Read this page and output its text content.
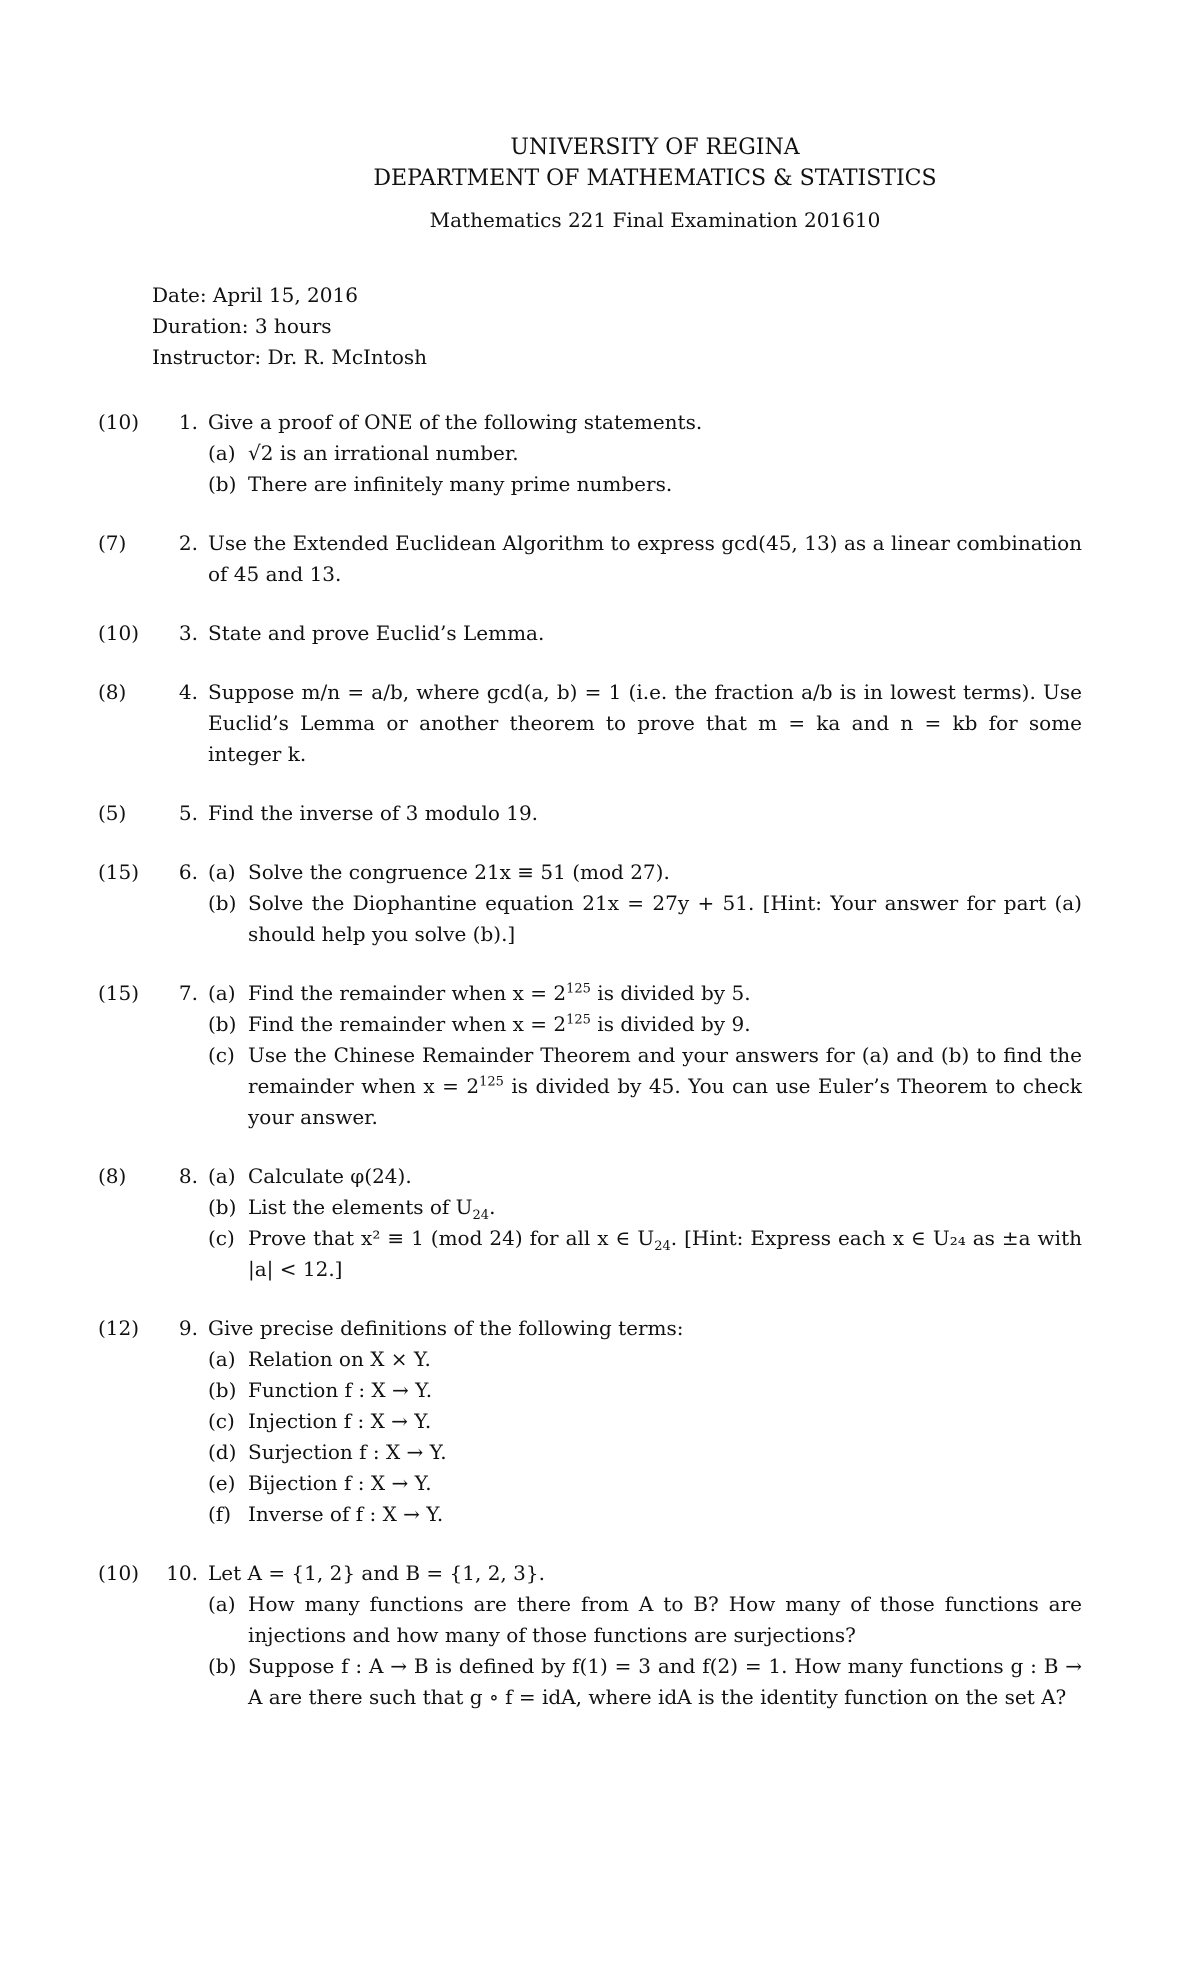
UNIVERSITY OF REGINA
DEPARTMENT OF MATHEMATICS & STATISTICS
Mathematics 221 Final Examination 201610
Date: April 15, 2016
Duration: 3 hours
Instructor: Dr. R. McIntosh
(10)	1. Give a proof of ONE of the following statements.
(a) √2 is an irrational number.
(b) There are infinitely many prime numbers.
(7)	2. Use the Extended Euclidean Algorithm to express gcd(45, 13) as a linear combination of 45 and 13.
(10)	3. State and prove Euclid’s Lemma.
(8)	4. Suppose m/n = a/b, where gcd(a, b) = 1 (i.e. the fraction a/b is in lowest terms). Use Euclid’s Lemma or another theorem to prove that m = ka and n = kb for some integer k.
(5)	5. Find the inverse of 3 modulo 19.
(15)	6. (a) Solve the congruence 21x ≡ 51 (mod 27).
(b) Solve the Diophantine equation 21x = 27y + 51. [Hint: Your answer for part (a) should help you solve (b).]
(15)	7. (a) Find the remainder when $x = 2^{125}$ is divided by 5.
(b) Find the remainder when $x = 2^{125}$ is divided by 9.
(c) Use the Chinese Remainder Theorem and your answers for (a) and (b) to find the remainder when $x = 2^{125}$ is divided by 45. You can use Euler’s Theorem to check your answer.
(8)	8. (a) Calculate φ(24).
(b) List the elements of $U_{24}$.
(c) Prove that x² ≡ 1 (mod 24) for all x ∈ $U_{24}$. [Hint: Express each x ∈ U₂₄ as ±a with |a| < 12.]
(12)	9. Give precise definitions of the following terms:
(a) Relation on X × Y.
(b) Function f : X → Y.
(c) Injection f : X → Y.
(d) Surjection f : X → Y.
(e) Bijection f : X → Y.
(f) Inverse of f : X → Y.
(10)	10. Let A = {1, 2} and B = {1, 2, 3}.
(a) How many functions are there from A to B? How many of those functions are injections and how many of those functions are surjections?
(b) Suppose f : A → B is defined by f(1) = 3 and f(2) = 1. How many functions g : B → A are there such that g ∘ f = idA, where idA is the identity function on the set A?
